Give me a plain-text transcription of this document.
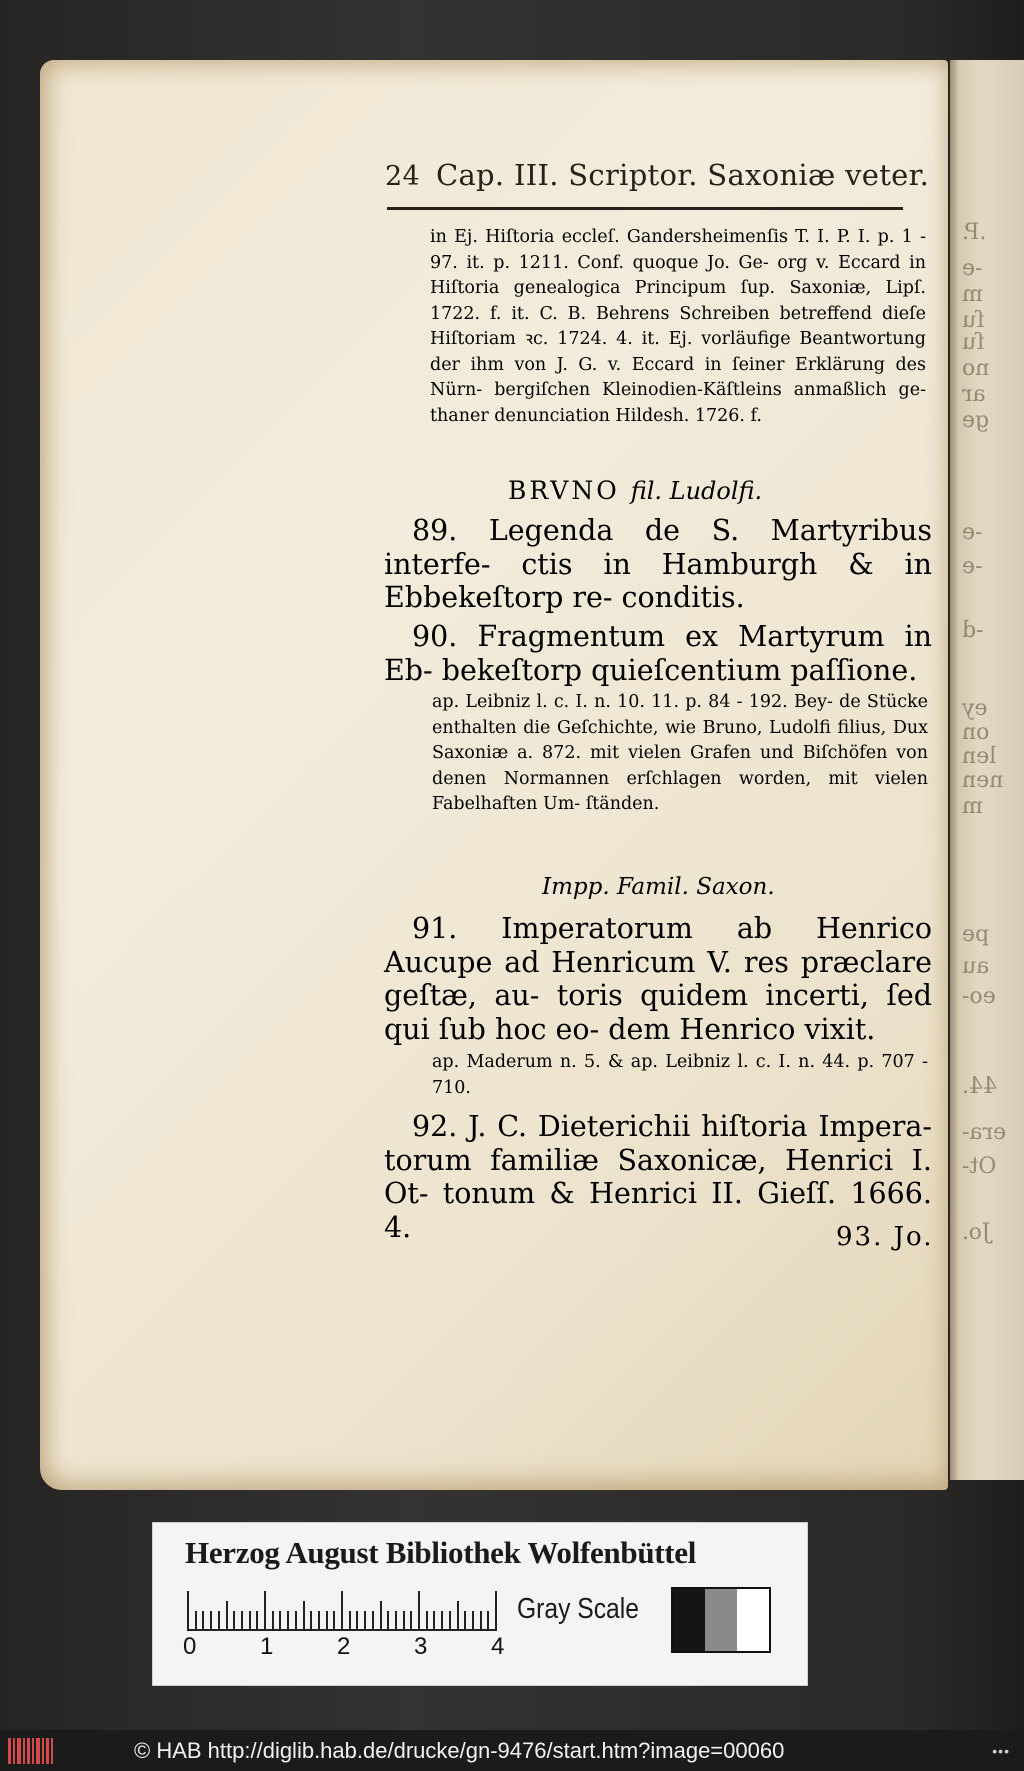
.P.
-e
m
ſu
ſu
no
ar
ge
-e
-e
-d
ey
on
len
nen
m
pe
au
eo-
44.
era-
Ot-
Jo.
24 Cap. III. Scriptor. Saxoniæ veter.
in Ej. Hiſtoria eccleſ. Gandersheimenſis T. I. P. I. p. 1 - 97. it. p. 1211. Conf. quoque Jo. Ge- org v. Eccard in Hiſtoria genealogica Principum ſup. Saxoniæ, Lipſ. 1722. f. it. C. B. Behrens Schreiben betreffend dieſe Hiſtoriam ꝛc. 1724. 4. it. Ej. vorläufige Beantwortung der ihm von J. G. v. Eccard in ſeiner Erklärung des Nürn- bergiſchen Kleinodien-Käſtleins anmaßlich ge- thaner denunciation Hildesh. 1726. f.
BRVNO fil. Ludolfi.
89. Legenda de S. Martyribus interfe- ctis in Hamburgh & in Ebbekeſtorp re- conditis.
90. Fragmentum ex Martyrum in Eb- bekeſtorp quieſcentium paſſione.
ap. Leibniz l. c. I. n. 10. 11. p. 84 - 192. Bey- de Stücke enthalten die Geſchichte, wie Bruno, Ludolfi filius, Dux Saxoniæ a. 872. mit vielen Grafen und Biſchöfen von denen Normannen erſchlagen worden, mit vielen Fabelhaften Um- ſtänden.
Impp. Famil. Saxon.
91. Imperatorum ab Henrico Aucupe ad Henricum V. res præclare geſtæ, au- toris quidem incerti, ſed qui ſub hoc eo- dem Henrico vixit.
ap. Maderum n. 5. & ap. Leibniz l. c. I. n. 44. p. 707 - 710.
92. J. C. Dieterichii hiſtoria Impera- torum familiæ Saxonicæ, Henrici I. Ot- tonum & Henrici II. Gieſſ. 1666. 4.	93. Jo.
Herzog August Bibliothek Wolfenbüttel
0	1	2	3	4
Gray Scale
© HAB http://diglib.hab.de/drucke/gn-9476/start.htm?image=00060	•••
